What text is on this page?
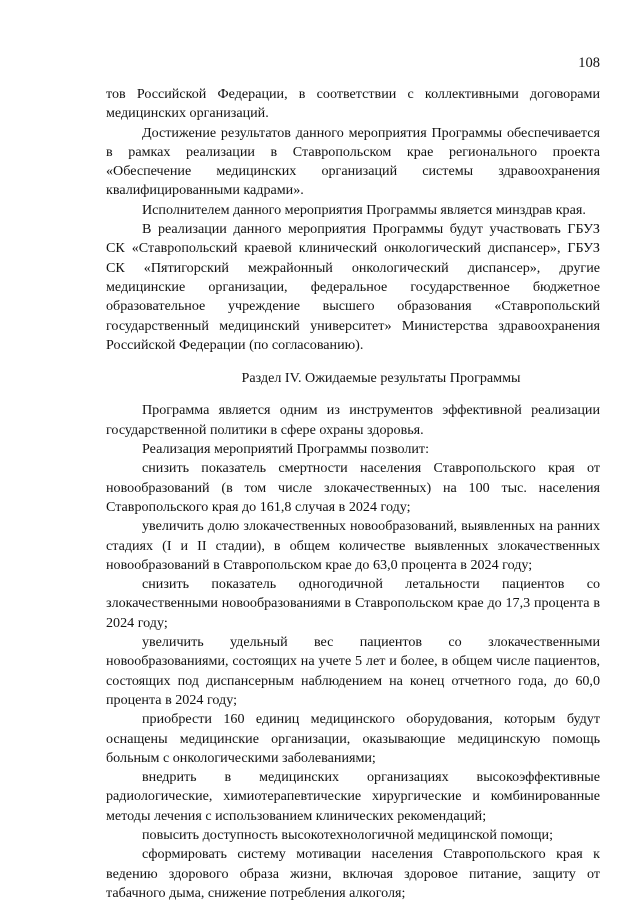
108

тов Российской Федерации, в соответствии с коллективными договорами медицинских организаций.

Достижение результатов данного мероприятия Программы обеспечивается в рамках реализации в Ставропольском крае регионального проекта «Обеспечение медицинских организаций системы здравоохранения квалифицированными кадрами».

Исполнителем данного мероприятия Программы является минздрав края.

В реализации данного мероприятия Программы будут участвовать ГБУЗ СК «Ставропольский краевой клинический онкологический диспансер», ГБУЗ СК «Пятигорский межрайонный онкологический диспансер», другие медицинские организации, федеральное государственное бюджетное образовательное учреждение высшего образования «Ставропольский государственный медицинский университет» Министерства здравоохранения Российской Федерации (по согласованию).

Раздел IV. Ожидаемые результаты Программы

Программа является одним из инструментов эффективной реализации государственной политики в сфере охраны здоровья.

Реализация мероприятий Программы позволит:

снизить показатель смертности населения Ставропольского края от новообразований (в том числе злокачественных) на 100 тыс. населения Ставропольского края до 161,8 случая в 2024 году;

увеличить долю злокачественных новообразований, выявленных на ранних стадиях (I и II стадии), в общем количестве выявленных злокачественных новообразований в Ставропольском крае до 63,0 процента в 2024 году;

снизить показатель одногодичной летальности пациентов со злокачественными новообразованиями в Ставропольском крае до 17,3 процента в 2024 году;

увеличить удельный вес пациентов со злокачественными новообразованиями, состоящих на учете 5 лет и более, в общем числе пациентов, состоящих под диспансерным наблюдением на конец отчетного года, до 60,0 процента в 2024 году;

приобрести 160 единиц медицинского оборудования, которым будут оснащены медицинские организации, оказывающие медицинскую помощь больным с онкологическими заболеваниями;

внедрить в медицинских организациях высокоэффективные радиологические, химиотерапевтические хирургические и комбинированные методы лечения с использованием клинических рекомендаций;

повысить доступность высокотехнологичной медицинской помощи;

сформировать систему мотивации населения Ставропольского края к ведению здорового образа жизни, включая здоровое питание, защиту от табачного дыма, снижение потребления алкоголя;
